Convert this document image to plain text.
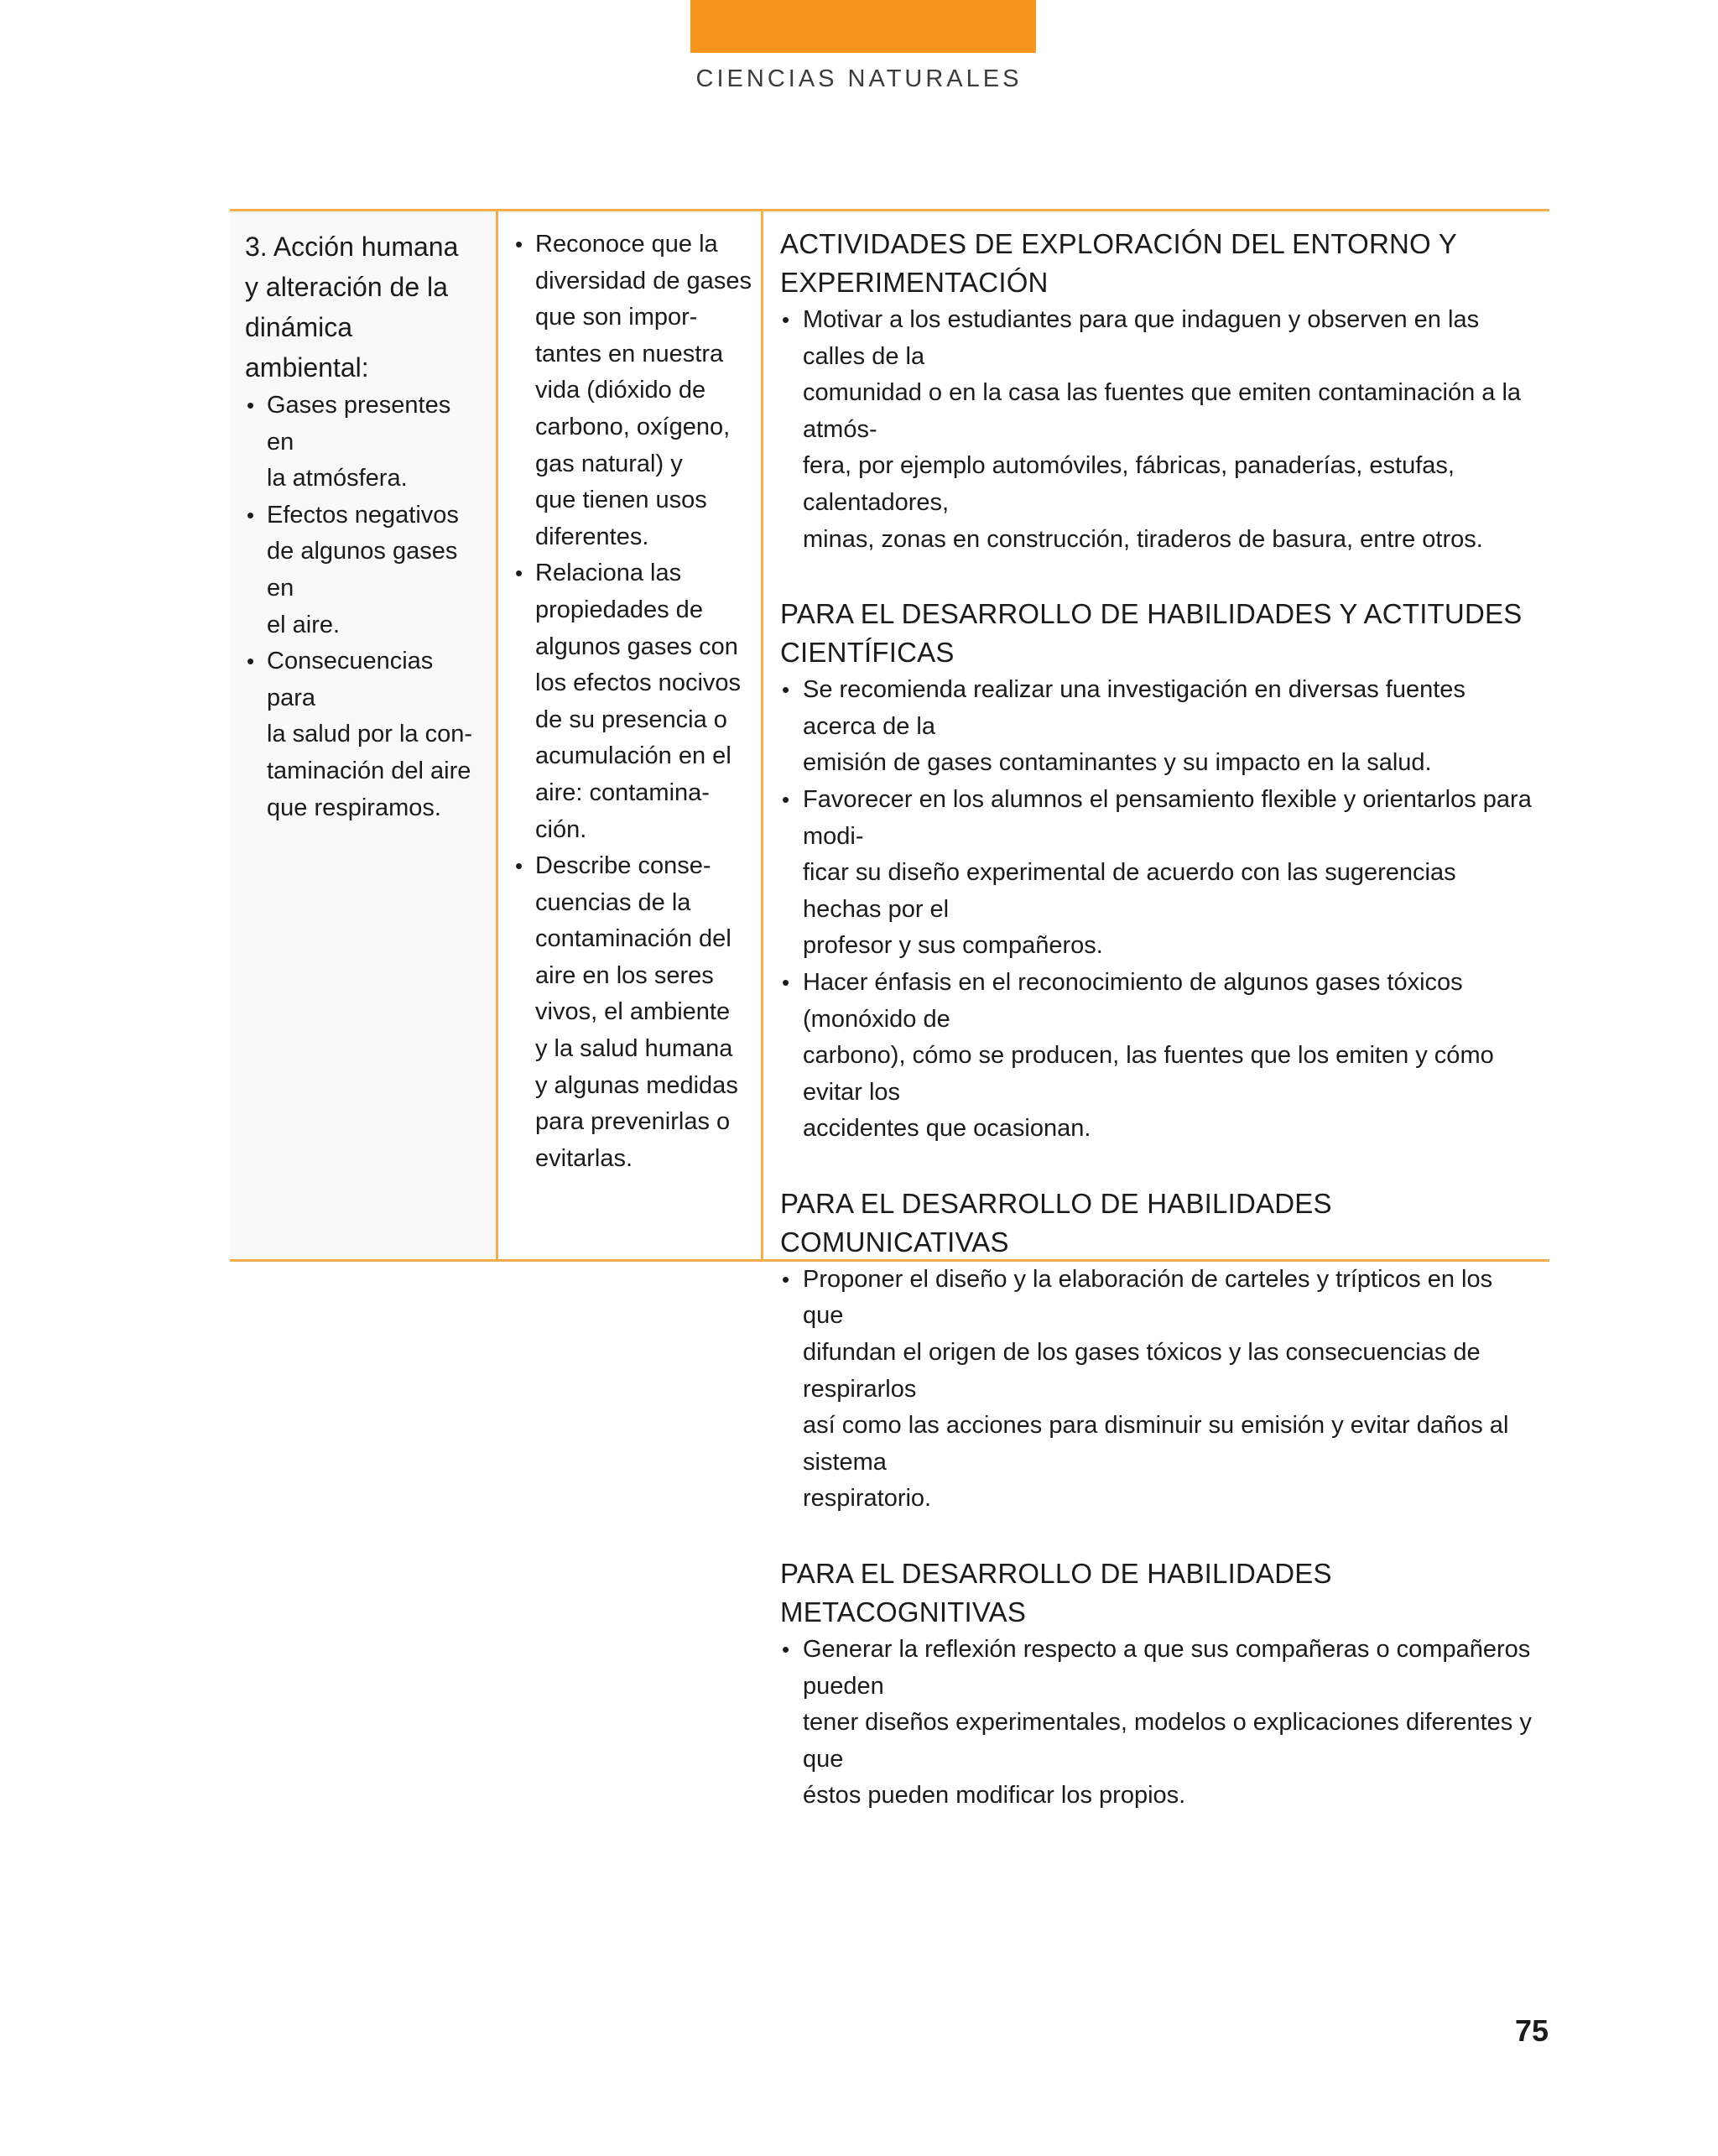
CIENCIAS NATURALES
3. Acción humana
y alteración de la
dinámica ambiental:
• Gases presentes en
la atmósfera.
• Efectos negativos
de algunos gases en
el aire.
• Consecuencias para
la salud por la con-
taminación del aire
que respiramos.
• Reconoce que la
diversidad de gases
que son impor-
tantes en nuestra
vida (dióxido de
carbono, oxígeno,
gas natural) y
que tienen usos
diferentes.
• Relaciona las
propiedades de
algunos gases con
los efectos nocivos
de su presencia o
acumulación en el
aire: contamina-
ción.
• Describe conse-
cuencias de la
contaminación del
aire en los seres
vivos, el ambiente
y la salud humana
y algunas medidas
para prevenirlas o
evitarlas.
ACTIVIDADES DE EXPLORACIÓN DEL ENTORNO Y EXPERIMENTACIÓN
• Motivar a los estudiantes para que indaguen y observen en las calles de la
comunidad o en la casa las fuentes que emiten contaminación a la atmós-
fera, por ejemplo automóviles, fábricas, panaderías, estufas, calentadores,
minas, zonas en construcción, tiraderos de basura, entre otros.
PARA EL DESARROLLO DE HABILIDADES Y ACTITUDES CIENTÍFICAS
• Se recomienda realizar una investigación en diversas fuentes acerca de la
emisión de gases contaminantes y su impacto en la salud.
• Favorecer en los alumnos el pensamiento flexible y orientarlos para modi-
ficar su diseño experimental de acuerdo con las sugerencias hechas por el
profesor y sus compañeros.
• Hacer énfasis en el reconocimiento de algunos gases tóxicos (monóxido de
carbono), cómo se producen, las fuentes que los emiten y cómo evitar los
accidentes que ocasionan.
PARA EL DESARROLLO DE HABILIDADES COMUNICATIVAS
• Proponer el diseño y la elaboración de carteles y trípticos en los que
difundan el origen de los gases tóxicos y las consecuencias de respirarlos
así como las acciones para disminuir su emisión y evitar daños al sistema
respiratorio.
PARA EL DESARROLLO DE HABILIDADES METACOGNITIVAS
• Generar la reflexión respecto a que sus compañeras o compañeros pueden
tener diseños experimentales, modelos o explicaciones diferentes y que
éstos pueden modificar los propios.
75
